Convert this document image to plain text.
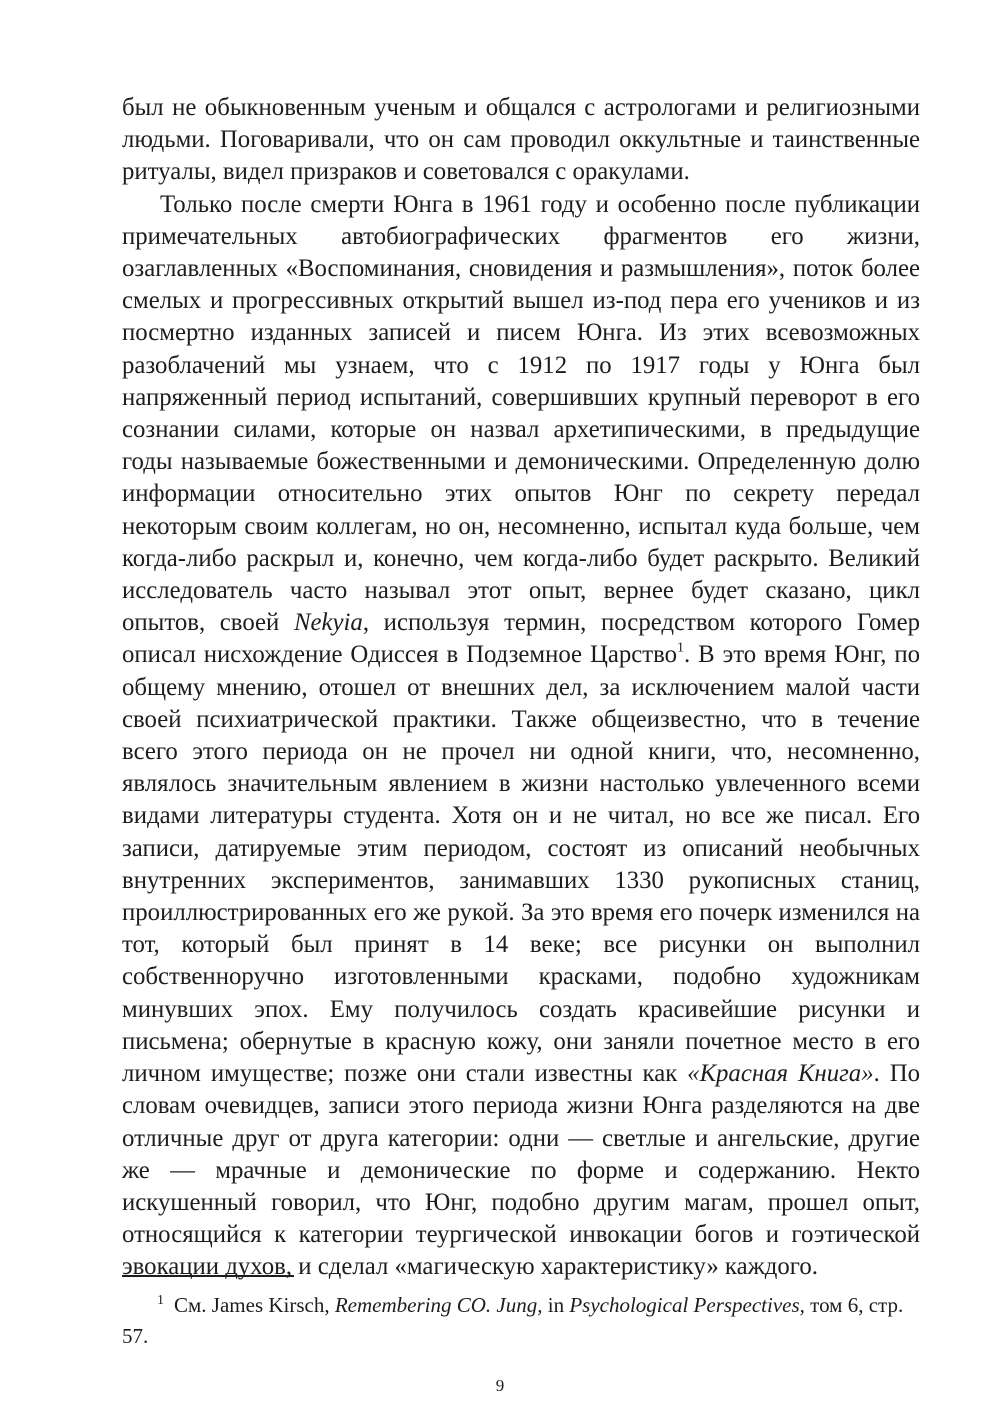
был не обыкновенным ученым и общался с астрологами и религиозными людьми. Поговаривали, что он сам проводил оккультные и таинственные ритуалы, видел призраков и советовался с оракулами.

Только после смерти Юнга в 1961 году и особенно после публикации примечательных автобиографических фрагментов его жизни, озаглавленных «Воспоминания, сновидения и размышления», поток более смелых и прогрессивных открытий вышел из-под пера его учеников и из посмертно изданных записей и писем Юнга. Из этих всевозможных разоблачений мы узнаем, что с 1912 по 1917 годы у Юнга был напряженный период испытаний, совершивших крупный переворот в его сознании силами, которые он назвал архетипическими, в предыдущие годы называемые божественными и демоническими. Определенную долю информации относительно этих опытов Юнг по секрету передал некоторым своим коллегам, но он, несомненно, испытал куда больше, чем когда-либо раскрыл и, конечно, чем когда-либо будет раскрыто. Великий исследователь часто называл этот опыт, вернее будет сказано, цикл опытов, своей Nekyia, используя термин, посредством которого Гомер описал нисхождение Одиссея в Подземное Царство$^1$. В это время Юнг, по общему мнению, отошел от внешних дел, за исключением малой части своей психиатрической практики. Также общеизвестно, что в течение всего этого периода он не прочел ни одной книги, что, несомненно, являлось значительным явлением в жизни настолько увлеченного всеми видами литературы студента. Хотя он и не читал, но все же писал. Его записи, датируемые этим периодом, состоят из описаний необычных внутренних экспериментов, занимавших 1330 рукописных станиц, проиллюстрированных его же рукой. За это время его почерк изменился на тот, который был принят в 14 веке; все рисунки он выполнил собственноручно изготовленными красками, подобно художникам минувших эпох. Ему получилось создать красивейшие рисунки и письмена; обернутые в красную кожу, они заняли почетное место в его личном имуществе; позже они стали известны как «Красная Книга». По словам очевидцев, записи этого периода жизни Юнга разделяются на две отличные друг от друга категории: одни — светлые и ангельские, другие же — мрачные и демонические по форме и содержанию. Некто искушенный говорил, что Юнг, подобно другим магам, прошел опыт, относящийся к категории теургической инвокации богов и гоэтической эвокации духов, и сделал «магическую характеристику» каждого.

1 См. James Kirsch, Remembering CO. Jung, in Psychological Perspectives, том 6, стр. 57.
9
